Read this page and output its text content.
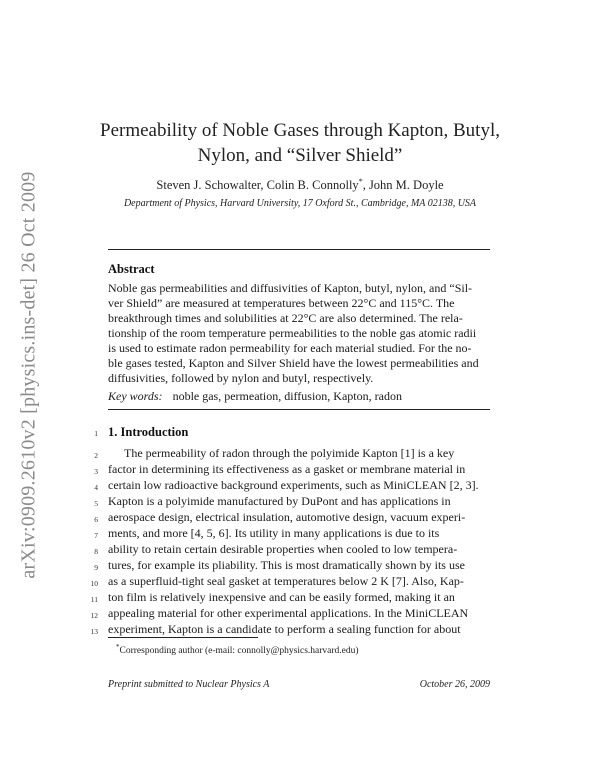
arXiv:0909.2610v2 [physics.ins-det] 26 Oct 2009
Permeability of Noble Gases through Kapton, Butyl,
Nylon, and “Silver Shield”
Steven J. Schowalter, Colin B. Connolly*, John M. Doyle
Department of Physics, Harvard University, 17 Oxford St., Cambridge, MA 02138, USA
Abstract
Noble gas permeabilities and diffusivities of Kapton, butyl, nylon, and “Sil-
ver Shield” are measured at temperatures between 22°C and 115°C. The
breakthrough times and solubilities at 22°C are also determined. The rela-
tionship of the room temperature permeabilities to the noble gas atomic radii
is used to estimate radon permeability for each material studied. For the no-
ble gases tested, Kapton and Silver Shield have the lowest permeabilities and
diffusivities, followed by nylon and butyl, respectively.
Key words: noble gas, permeation, diffusion, Kapton, radon
1 1. Introduction
2 The permeability of radon through the polyimide Kapton [1] is a key
3 factor in determining its effectiveness as a gasket or membrane material in
4 certain low radioactive background experiments, such as MiniCLEAN [2, 3].
5 Kapton is a polyimide manufactured by DuPont and has applications in
6 aerospace design, electrical insulation, automotive design, vacuum experi-
7 ments, and more [4, 5, 6]. Its utility in many applications is due to its
8 ability to retain certain desirable properties when cooled to low tempera-
9 tures, for example its pliability. This is most dramatically shown by its use
10 as a superfluid-tight seal gasket at temperatures below 2 K [7]. Also, Kap-
11 ton film is relatively inexpensive and can be easily formed, making it an
12 appealing material for other experimental applications. In the MiniCLEAN
13 experiment, Kapton is a candidate to perform a sealing function for about
*Corresponding author (e-mail: connolly@physics.harvard.edu)
Preprint submitted to Nuclear Physics A	October 26, 2009
